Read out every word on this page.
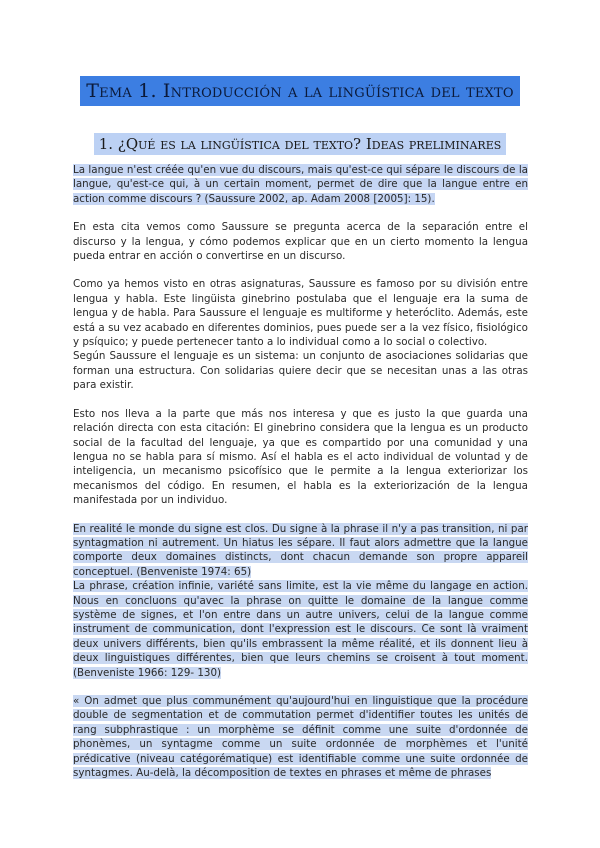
Tema 1. Introducción a la lingüística del texto
1. ¿Qué es la lingüística del texto? Ideas preliminares

La langue n'est créée qu'en vue du discours, mais qu'est-ce qui sépare le discours de la langue, qu'est-ce qui, à un certain moment, permet de dire que la langue entre en action comme discours ? (Saussure 2002, ap. Adam 2008 [2005]: 15).

En esta cita vemos como Saussure se pregunta acerca de la separación entre el discurso y la lengua, y cómo podemos explicar que en un cierto momento la lengua pueda entrar en acción o convertirse en un discurso.

Como ya hemos visto en otras asignaturas, Saussure es famoso por su división entre lengua y habla. Este lingüista ginebrino postulaba que el lenguaje era la suma de lengua y de habla. Para Saussure el lenguaje es multiforme y heteróclito. Además, este está a su vez acabado en diferentes dominios, pues puede ser a la vez físico, fisiológico y psíquico; y puede pertenecer tanto a lo individual como a lo social o colectivo.

Según Saussure el lenguaje es un sistema: un conjunto de asociaciones solidarias que forman una estructura. Con solidarias quiere decir que se necesitan unas a las otras para existir.

Esto nos lleva a la parte que más nos interesa y que es justo la que guarda una relación directa con esta citación: El ginebrino considera que la lengua es un producto social de la facultad del lenguaje, ya que es compartido por una comunidad y una lengua no se habla para sí mismo. Así el habla es el acto individual de voluntad y de inteligencia, un mecanismo psicofísico que le permite a la lengua exteriorizar los mecanismos del código. En resumen, el habla es la exteriorización de la lengua manifestada por un individuo.

En realité le monde du signe est clos. Du signe à la phrase il n'y a pas transition, ni par syntagmation ni autrement. Un hiatus les sépare. Il faut alors admettre que la langue comporte deux domaines distincts, dont chacun demande son propre appareil conceptuel. (Benveniste 1974: 65)

La phrase, création infinie, variété sans limite, est la vie même du langage en action. Nous en concluons qu'avec la phrase on quitte le domaine de la langue comme système de signes, et l'on entre dans un autre univers, celui de la langue comme instrument de communication, dont l'expression est le discours. Ce sont là vraiment deux univers différents, bien qu'ils embrassent la même réalité, et ils donnent lieu à deux linguistiques différentes, bien que leurs chemins se croisent à tout moment. (Benveniste 1966: 129- 130)

« On admet que plus communément qu'aujourd'hui en linguistique que la procédure double de segmentation et de commutation permet d'identifier toutes les unités de rang subphrastique : un morphème se définit comme une suite d'ordonnée de phonèmes, un syntagme comme un suite ordonnée de morphèmes et l'unité prédicative (niveau catégorématique) est identifiable comme une suite ordonnée de syntagmes. Au-delà, la décomposition de textes en phrases et même de phrases
